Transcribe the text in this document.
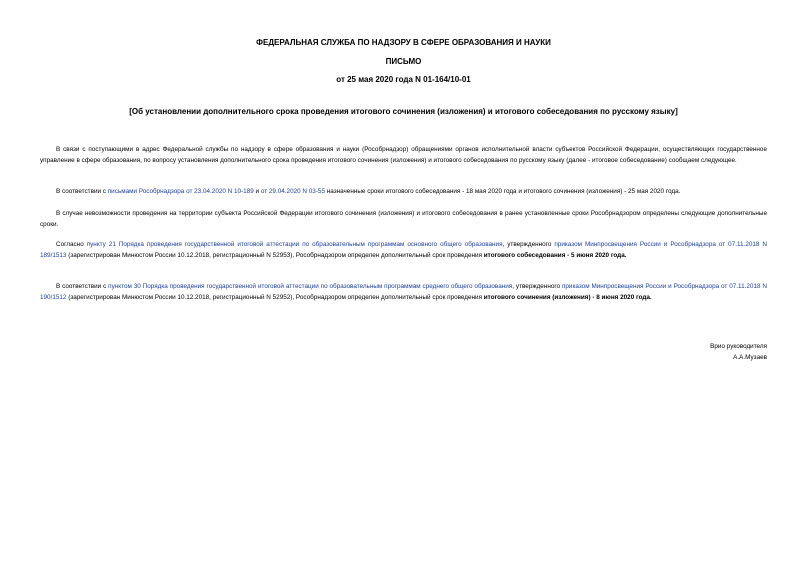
ФЕДЕРАЛЬНАЯ СЛУЖБА ПО НАДЗОРУ В СФЕРЕ ОБРАЗОВАНИЯ И НАУКИ
ПИСЬМО
от 25 мая 2020 года N 01-164/10-01
[Об установлении дополнительного срока проведения итогового сочинения (изложения) и итогового собеседования по русскому языку]

В связи с поступающими в адрес Федеральной службы по надзору в сфере образования и науки (Рособрнадзор) обращениями органов исполнительной власти субъектов Российской Федерации, осуществляющих государственное управление в сфере образования, по вопросу установления дополнительного срока проведения итогового сочинения (изложения) и итогового собеседования по русскому языку (далее - итоговое собеседование) сообщаем следующее.

В соответствии с письмами Рособрнадзора от 23.04.2020 N 10-189 и от 29.04.2020 N 03-55 назначенные сроки итогового собеседования - 18 мая 2020 года и итогового сочинения (изложения) - 25 мая 2020 года.

В случае невозможности проведения на территории субъекта Российской Федерации итогового сочинения (изложения) и итогового собеседования в ранее установленные сроки Рособрнадзором определены следующие дополнительные сроки.

Согласно пункту 21 Порядка проведения государственной итоговой аттестации по образовательным программам основного общего образования, утвержденного приказом Минпросвещения России и Рособрнадзора от 07.11.2018 N 189/1513 (зарегистрирован Минюстом России 10.12.2018, регистрационный N 52953), Рособрнадзором определен дополнительный срок проведения итогового собеседования - 5 июня 2020 года.

В соответствии с пунктом 30 Порядка проведения государственной итоговой аттестации по образовательным программам среднего общего образования, утвержденного приказом Минпросвещения России и Рособрнадзора от 07.11.2018 N 190/1512 (зарегистрирован Минюстом России 10.12.2018, регистрационный N 52952), Рособрнадзором определен дополнительный срок проведения итогового сочинения (изложения) - 8 июня 2020 года.

Врио руководителя
А.А.Музаев
